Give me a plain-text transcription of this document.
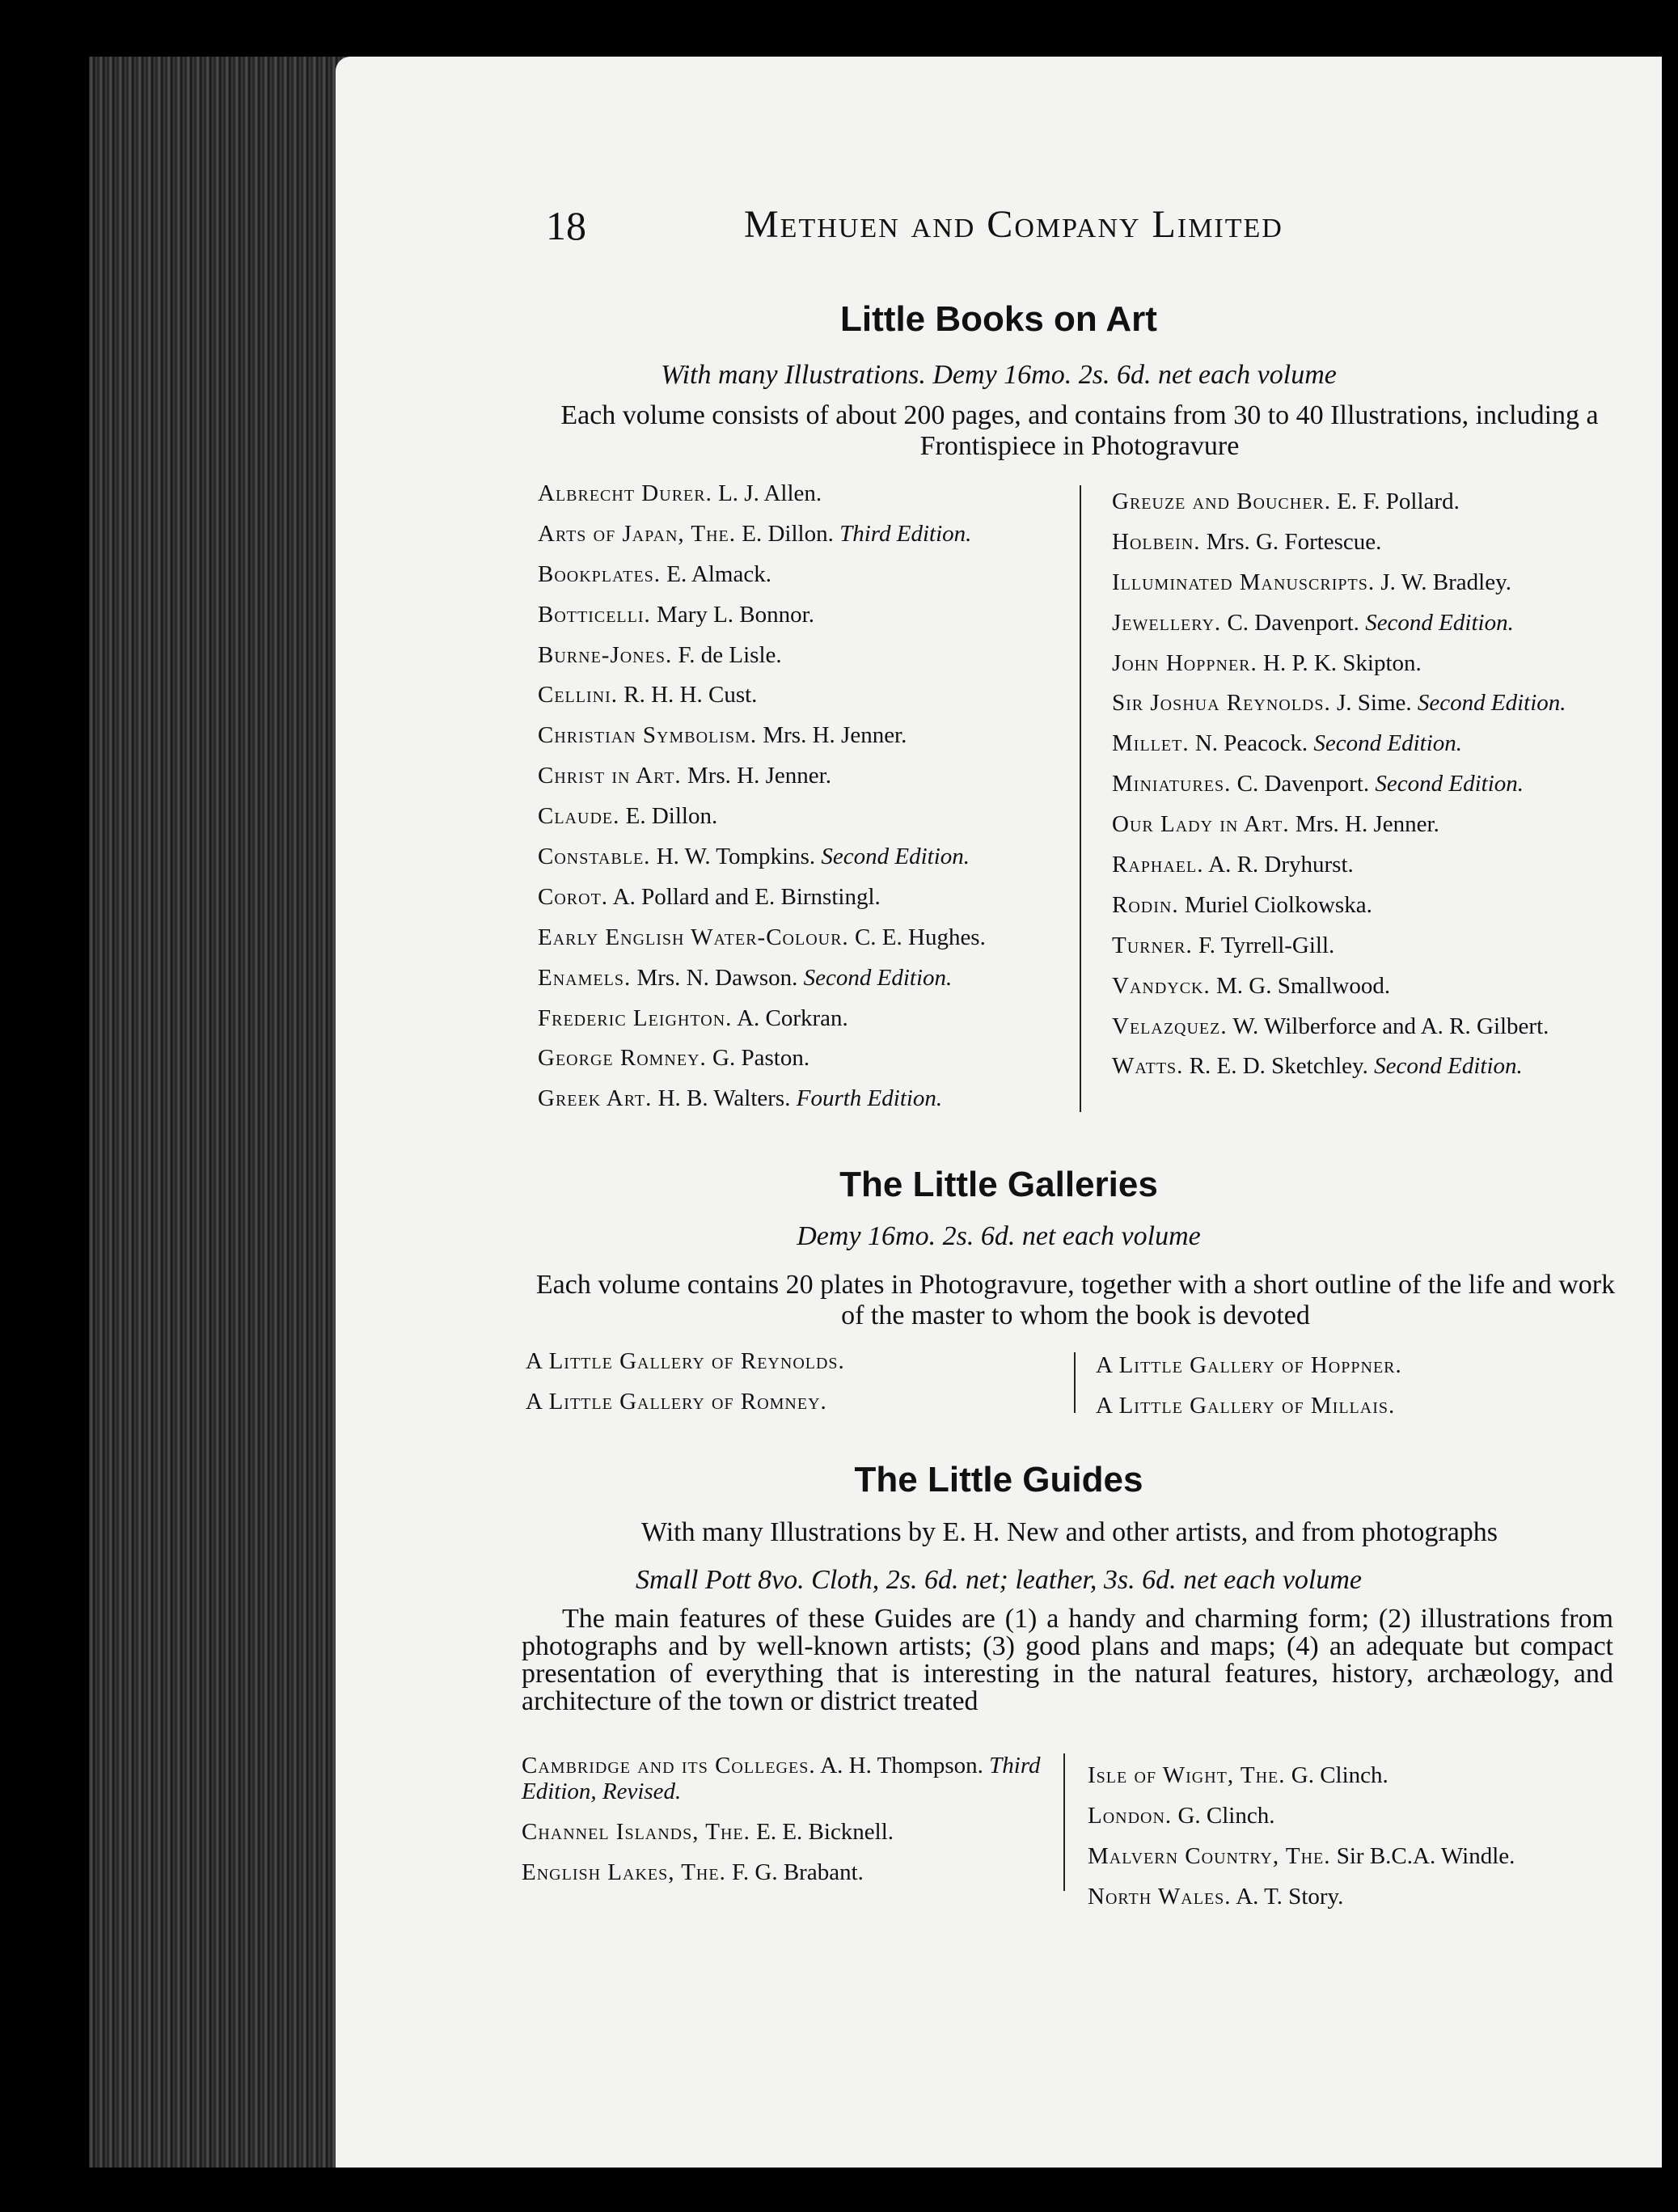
18	Methuen and Company Limited
Little Books on Art
With many Illustrations. Demy 16mo. 2s. 6d. net each volume
Each volume consists of about 200 pages, and contains from 30 to 40 Illustrations, including a Frontispiece in Photogravure
Albrecht Durer. L. J. Allen.
Arts of Japan, The. E. Dillon. Third Edition.
Bookplates. E. Almack.
Botticelli. Mary L. Bonnor.
Burne-Jones. F. de Lisle.
Cellini. R. H. H. Cust.
Christian Symbolism. Mrs. H. Jenner.
Christ in Art. Mrs. H. Jenner.
Claude. E. Dillon.
Constable. H. W. Tompkins. Second Edition.
Corot. A. Pollard and E. Birnstingl.
Early English Water-Colour. C. E. Hughes.
Enamels. Mrs. N. Dawson. Second Edition.
Frederic Leighton. A. Corkran.
George Romney. G. Paston.
Greek Art. H. B. Walters. Fourth Edition.
Greuze and Boucher. E. F. Pollard.
Holbein. Mrs. G. Fortescue.
Illuminated Manuscripts. J. W. Bradley.
Jewellery. C. Davenport. Second Edition.
John Hoppner. H. P. K. Skipton.
Sir Joshua Reynolds. J. Sime. Second Edition.
Millet. N. Peacock. Second Edition.
Miniatures. C. Davenport. Second Edition.
Our Lady in Art. Mrs. H. Jenner.
Raphael. A. R. Dryhurst.
Rodin. Muriel Ciolkowska.
Turner. F. Tyrrell-Gill.
Vandyck. M. G. Smallwood.
Velazquez. W. Wilberforce and A. R. Gilbert.
Watts. R. E. D. Sketchley. Second Edition.
The Little Galleries
Demy 16mo. 2s. 6d. net each volume
Each volume contains 20 plates in Photogravure, together with a short outline of the life and work of the master to whom the book is devoted
A Little Gallery of Reynolds.
A Little Gallery of Romney.
A Little Gallery of Hoppner.
A Little Gallery of Millais.
The Little Guides
With many Illustrations by E. H. New and other artists, and from photographs
Small Pott 8vo. Cloth, 2s. 6d. net; leather, 3s. 6d. net each volume
The main features of these Guides are (1) a handy and charming form; (2) illustrations from photographs and by well-known artists; (3) good plans and maps; (4) an adequate but compact presentation of everything that is interesting in the natural features, history, archæology, and architecture of the town or district treated
Cambridge and its Colleges. A. H. Thompson. Third Edition, Revised.
Channel Islands, The. E. E. Bicknell.
English Lakes, The. F. G. Brabant.
Isle of Wight, The. G. Clinch.
London. G. Clinch.
Malvern Country, The. Sir B.C.A. Windle.
North Wales. A. T. Story.
